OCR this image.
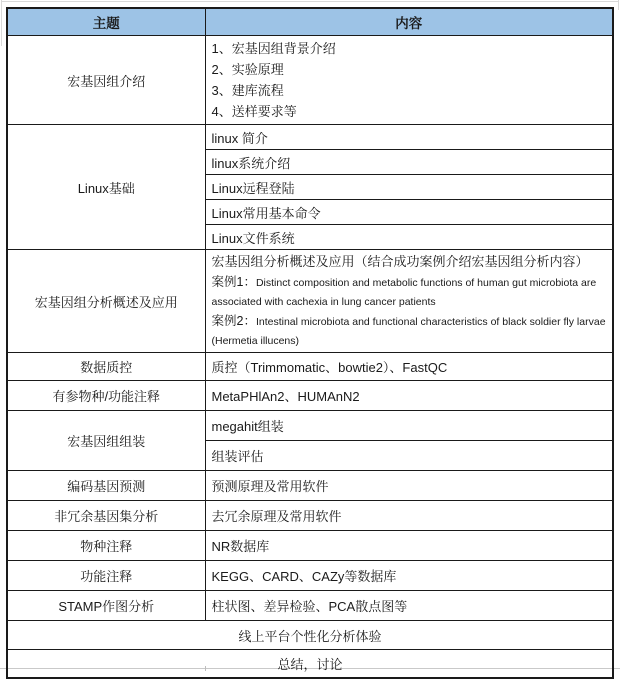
主题	内容
宏基因组介绍	1、宏基因组背景介绍
2、实验原理
3、建库流程
4、送样要求等

Linux基础	linux 简介
	linux系统介绍
	Linux远程登陆
	Linux常用基本命令
	Linux文件系统
宏基因组分析概述及应用	宏基因组分析概述及应用（结合成功案例介绍宏基因组分析内容）
案例1：Distinct composition and metabolic functions of human gut microbiota are associated with cachexia in lung cancer patients
案例2：Intestinal microbiota and functional characteristics of black soldier fly larvae (Hermetia illucens)

数据质控	质控（Trimmomatic、bowtie2）、FastQC
有参物种/功能注释	MetaPHlAn2、HUMAnN2
宏基因组组装	megahit组装
	组装评估
编码基因预测	预测原理及常用软件
非冗余基因集分析	去冗余原理及常用软件
物种注释	NR数据库
功能注释	KEGG、CARD、CAZy等数据库
STAMP作图分析	柱状图、差异检验、PCA散点图等
线上平台个性化分析体验	
总结，讨论	
